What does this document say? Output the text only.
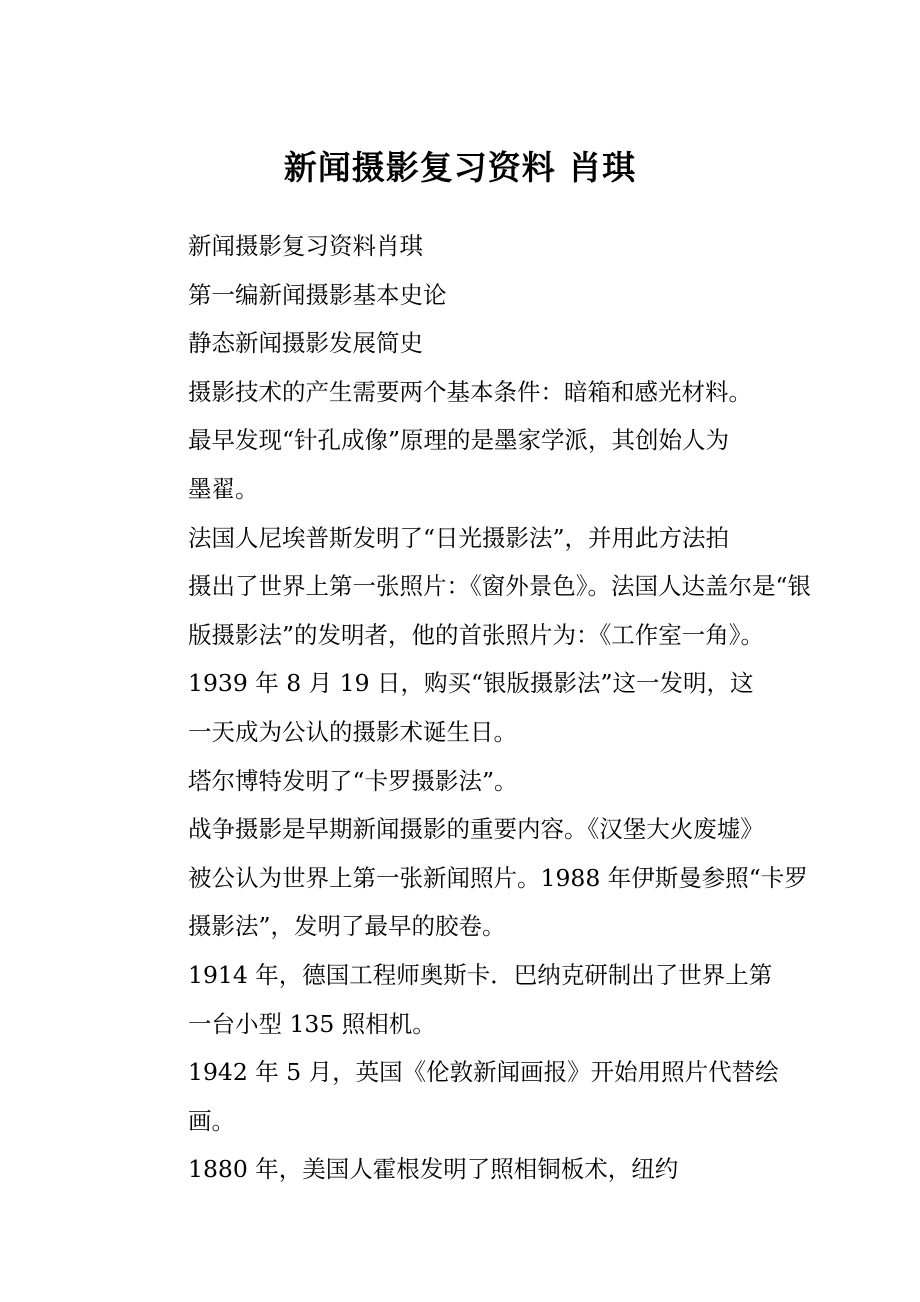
新闻摄影复习资料 肖琪

新闻摄影复习资料肖琪

第一编新闻摄影基本史论

静态新闻摄影发展简史

摄影技术的产生需要两个基本条件：暗箱和感光材料。

最早发现“针孔成像”原理的是墨家学派，其创始人为
墨翟。

法国人尼埃普斯发明了“日光摄影法”，并用此方法拍
摄出了世界上第一张照片：《窗外景色》。法国人达盖尔是“银
版摄影法”的发明者，他的首张照片为：《工作室一角》。

1939 年 8 月 19 日，购买“银版摄影法”这一发明，这
一天成为公认的摄影术诞生日。

塔尔博特发明了“卡罗摄影法”。

战争摄影是早期新闻摄影的重要内容。《汉堡大火废墟》
被公认为世界上第一张新闻照片。1988 年伊斯曼参照“卡罗
摄影法”，发明了最早的胶卷。

1914 年，德国工程师奥斯卡．巴纳克研制出了世界上第
一台小型 135 照相机。

1942 年 5 月，英国《伦敦新闻画报》开始用照片代替绘
画。

1880 年，美国人霍根发明了照相铜板术，纽约
